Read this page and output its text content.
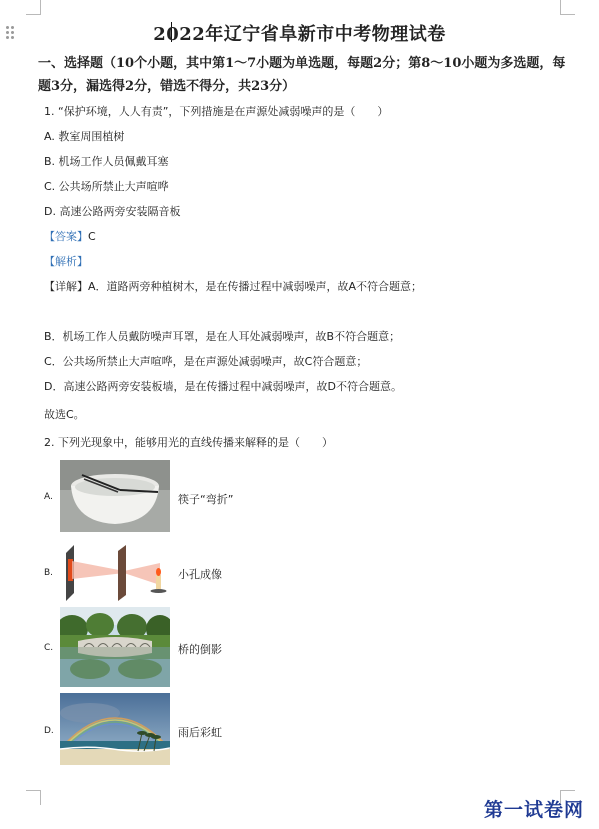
2022年辽宁省阜新市中考物理试卷
一、选择题（10个小题，其中第1～7小题为单选题，每题2分；第8～10小题为多选题，每题3分，漏选得2分，错选不得分，共23分）
1. “保护环境，人人有责”，下列措施是在声源处减弱噪声的是（　　）
A. 教室周围植树
B. 机场工作人员佩戴耳塞
C. 公共场所禁止大声喧哗
D. 高速公路两旁安装隔音板
【答案】C
【解析】
【详解】A．道路两旁种植树木，是在传播过程中减弱噪声，故A不符合题意；
B．机场工作人员戴防噪声耳罩，是在人耳处减弱噪声，故B不符合题意；
C．公共场所禁止大声喧哗，是在声源处减弱噪声，故C符合题意；
D．高速公路两旁安装板墙，是在传播过程中减弱噪声，故D不符合题意。
故选C。
2. 下列光现象中，能够用光的直线传播来解释的是（　　）
A.	筷子“弯折”
B.	小孔成像
C.	桥的倒影
D.	雨后彩虹
第一试卷网
